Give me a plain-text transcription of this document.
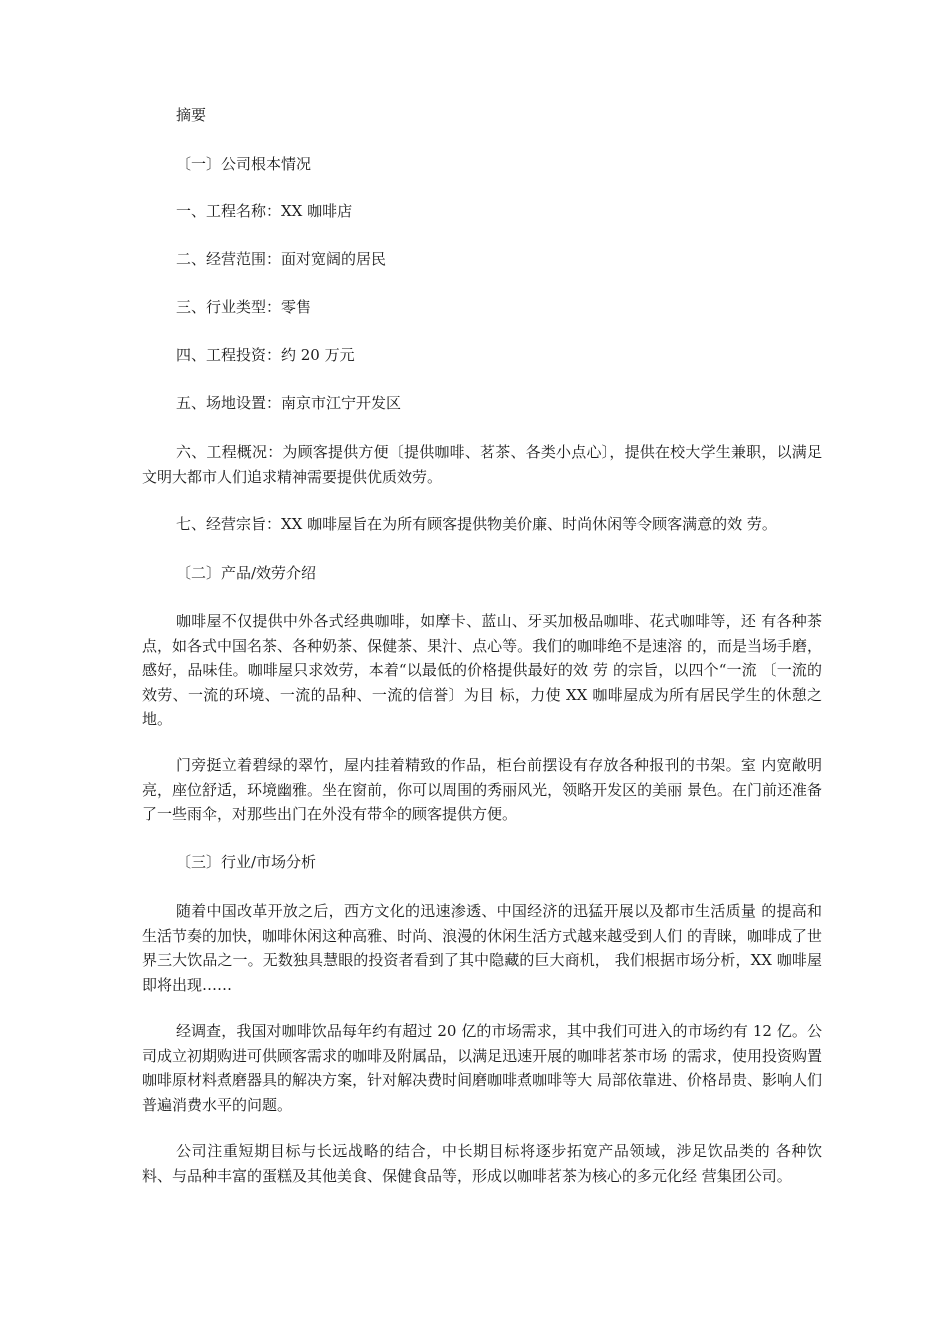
摘要
〔一〕公司根本情况
一、工程名称：XX 咖啡店
二、经营范围：面对宽阔的居民
三、行业类型：零售
四、工程投资：约 20 万元
五、场地设置：南京市江宁开发区

六、工程概况：为顾客提供方便〔提供咖啡、茗茶、各类小点心〕，提供在校大学生兼职，以满足文明大都市人们追求精神需要提供优质效劳。

七、经营宗旨：XX 咖啡屋旨在为所有顾客提供物美价廉、时尚休闲等令顾客满意的效 劳。

〔二〕产品/效劳介绍

咖啡屋不仅提供中外各式经典咖啡，如摩卡、蓝山、牙买加极品咖啡、花式咖啡等，还 有各种茶点，如各式中国名茶、各种奶茶、保健茶、果汁、点心等。我们的咖啡绝不是速溶 的，而是当场手磨，感好，品味佳。咖啡屋只求效劳，本着“以最低的价格提供最好的效 劳 的宗旨，以四个“一流 〔一流的效劳、一流的环境、一流的品种、一流的信誉〕为目 标，力使 XX 咖啡屋成为所有居民学生的休憩之地。

门旁挺立着碧绿的翠竹，屋内挂着精致的作品，柜台前摆设有存放各种报刊的书架。室 内宽敞明亮，座位舒适，环境幽雅。坐在窗前，你可以周围的秀丽风光，领略开发区的美丽 景色。在门前还准备了一些雨伞，对那些出门在外没有带伞的顾客提供方便。

〔三〕行业/市场分析

随着中国改革开放之后，西方文化的迅速渗透、中国经济的迅猛开展以及都市生活质量 的提高和生活节奏的加快，咖啡休闲这种高雅、时尚、浪漫的休闲生活方式越来越受到人们 的青睐，咖啡成了世界三大饮品之一。无数独具慧眼的投资者看到了其中隐藏的巨大商机， 我们根据市场分析，XX 咖啡屋即将出现……

经调查，我国对咖啡饮品每年约有超过 20 亿的市场需求，其中我们可进入的市场约有 12 亿。公司成立初期购进可供顾客需求的咖啡及附属品，以满足迅速开展的咖啡茗茶市场 的需求，使用投资购置咖啡原材料煮磨器具的解决方案，针对解决费时间磨咖啡煮咖啡等大 局部依靠进、价格昂贵、影响人们普遍消费水平的问题。

公司注重短期目标与长远战略的结合，中长期目标将逐步拓宽产品领域，涉足饮品类的 各种饮料、与品种丰富的蛋糕及其他美食、保健食品等，形成以咖啡茗茶为核心的多元化经 营集团公司。
